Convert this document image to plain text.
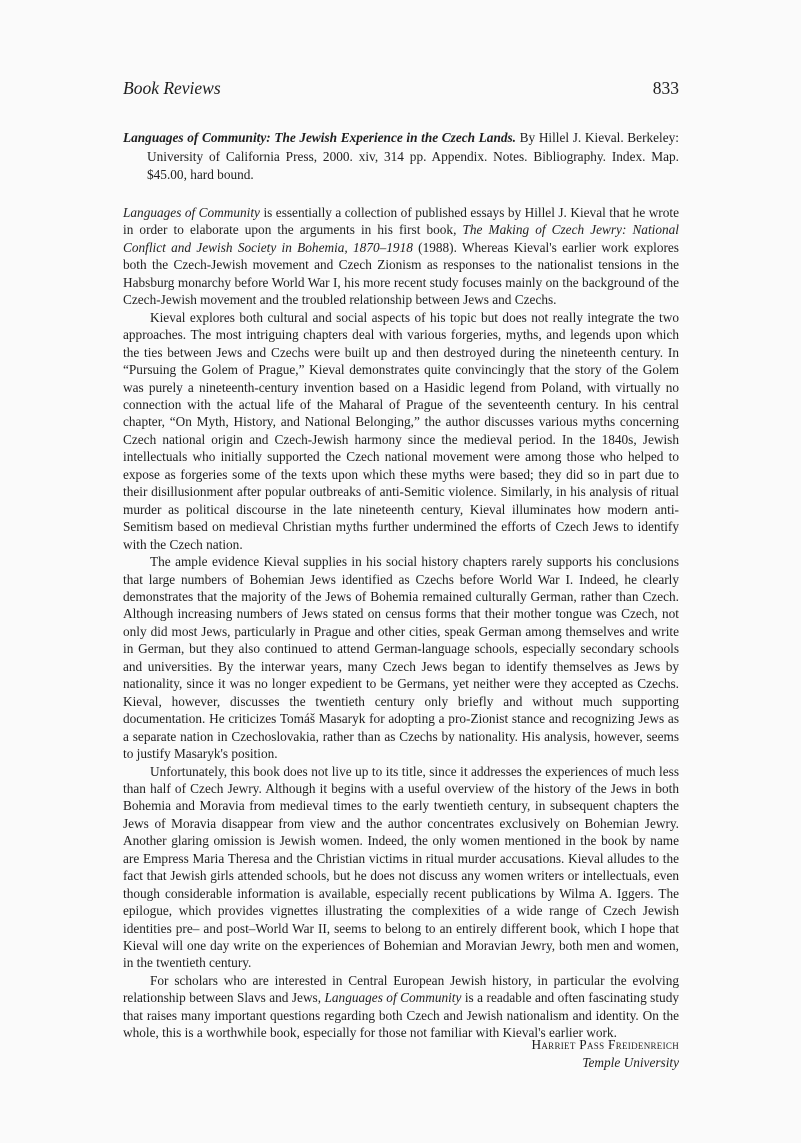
Book Reviews	833
Languages of Community: The Jewish Experience in the Czech Lands. By Hillel J. Kieval. Berkeley: University of California Press, 2000. xiv, 314 pp. Appendix. Notes. Bibliography. Index. Map. $45.00, hard bound.

Languages of Community is essentially a collection of published essays by Hillel J. Kieval that he wrote in order to elaborate upon the arguments in his first book, The Making of Czech Jewry: National Conflict and Jewish Society in Bohemia, 1870–1918 (1988). Whereas Kieval's earlier work explores both the Czech-Jewish movement and Czech Zionism as responses to the nationalist tensions in the Habsburg monarchy before World War I, his more recent study focuses mainly on the background of the Czech-Jewish movement and the troubled relationship between Jews and Czechs.

Kieval explores both cultural and social aspects of his topic but does not really integrate the two approaches. The most intriguing chapters deal with various forgeries, myths, and legends upon which the ties between Jews and Czechs were built up and then destroyed during the nineteenth century. In “Pursuing the Golem of Prague,” Kieval demonstrates quite convincingly that the story of the Golem was purely a nineteenth-century invention based on a Hasidic legend from Poland, with virtually no connection with the actual life of the Maharal of Prague of the seventeenth century. In his central chapter, “On Myth, History, and National Belonging,” the author discusses various myths concerning Czech national origin and Czech-Jewish harmony since the medieval period. In the 1840s, Jewish intellectuals who initially supported the Czech national movement were among those who helped to expose as forgeries some of the texts upon which these myths were based; they did so in part due to their disillusionment after popular outbreaks of anti-Semitic violence. Similarly, in his analysis of ritual murder as political discourse in the late nineteenth century, Kieval illuminates how modern anti-Semitism based on medieval Christian myths further undermined the efforts of Czech Jews to identify with the Czech nation.

The ample evidence Kieval supplies in his social history chapters rarely supports his conclusions that large numbers of Bohemian Jews identified as Czechs before World War I. Indeed, he clearly demonstrates that the majority of the Jews of Bohemia remained culturally German, rather than Czech. Although increasing numbers of Jews stated on census forms that their mother tongue was Czech, not only did most Jews, particularly in Prague and other cities, speak German among themselves and write in German, but they also continued to attend German-language schools, especially secondary schools and universities. By the interwar years, many Czech Jews began to identify themselves as Jews by nationality, since it was no longer expedient to be Germans, yet neither were they accepted as Czechs. Kieval, however, discusses the twentieth century only briefly and without much supporting documentation. He criticizes Tomáš Masaryk for adopting a pro-Zionist stance and recognizing Jews as a separate nation in Czechoslovakia, rather than as Czechs by nationality. His analysis, however, seems to justify Masaryk's position.

Unfortunately, this book does not live up to its title, since it addresses the experiences of much less than half of Czech Jewry. Although it begins with a useful overview of the history of the Jews in both Bohemia and Moravia from medieval times to the early twentieth century, in subsequent chapters the Jews of Moravia disappear from view and the author concentrates exclusively on Bohemian Jewry. Another glaring omission is Jewish women. Indeed, the only women mentioned in the book by name are Empress Maria Theresa and the Christian victims in ritual murder accusations. Kieval alludes to the fact that Jewish girls attended schools, but he does not discuss any women writers or intellectuals, even though considerable information is available, especially recent publications by Wilma A. Iggers. The epilogue, which provides vignettes illustrating the complexities of a wide range of Czech Jewish identities pre– and post–World War II, seems to belong to an entirely different book, which I hope that Kieval will one day write on the experiences of Bohemian and Moravian Jewry, both men and women, in the twentieth century.

For scholars who are interested in Central European Jewish history, in particular the evolving relationship between Slavs and Jews, Languages of Community is a readable and often fascinating study that raises many important questions regarding both Czech and Jewish nationalism and identity. On the whole, this is a worthwhile book, especially for those not familiar with Kieval's earlier work.

Harriet Pass Freidenreich
Temple University
